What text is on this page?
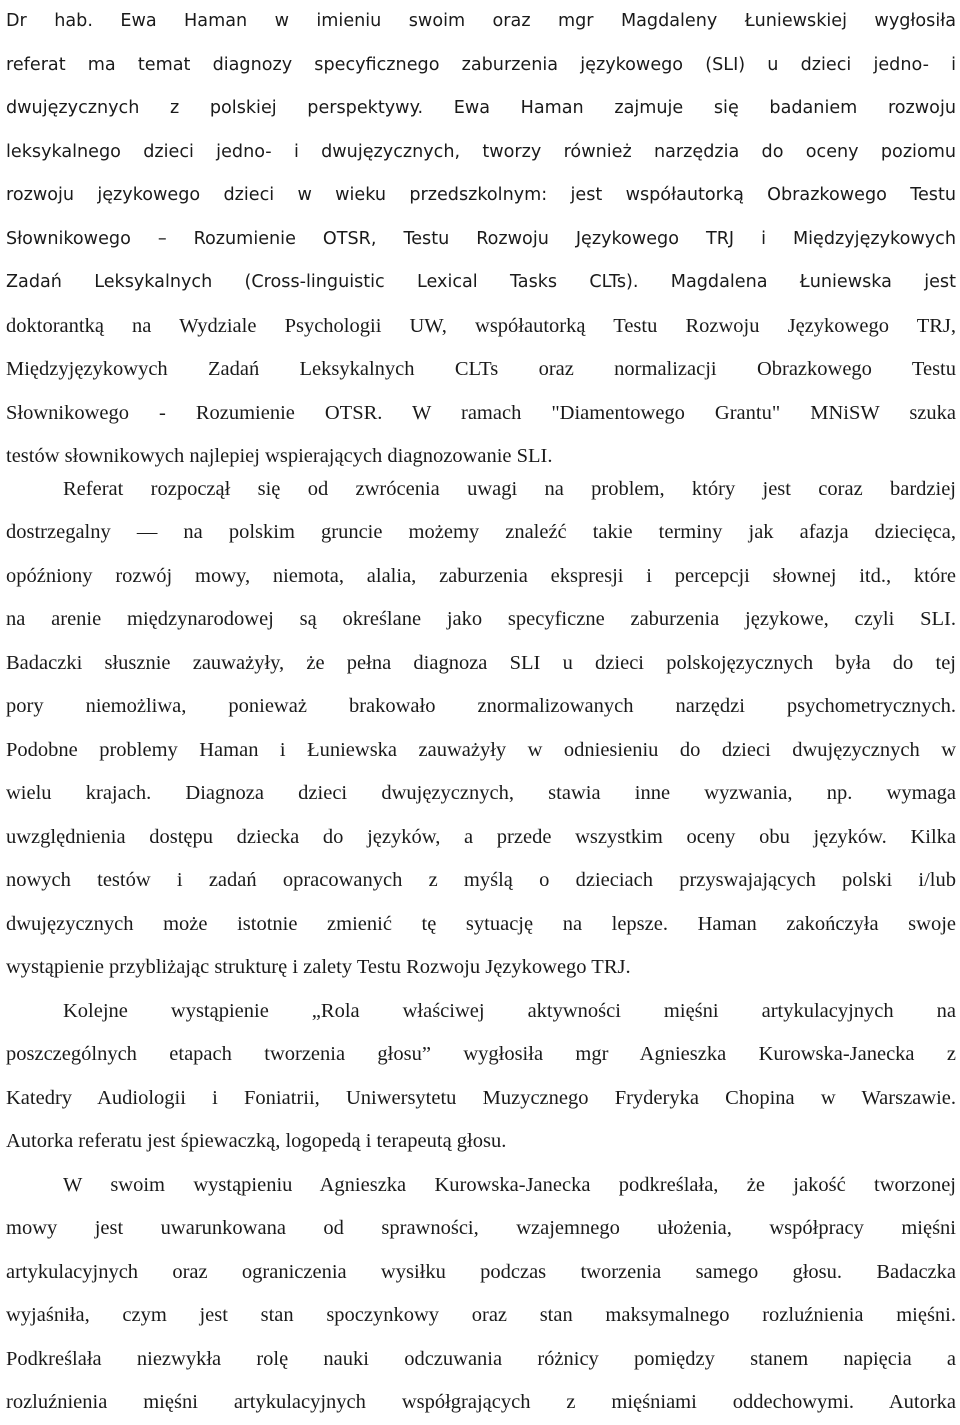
Dr hab. Ewa Haman w imieniu swoim oraz mgr Magdaleny Łuniewskiej wygłosiła
referat ma temat diagnozy specyficznego zaburzenia językowego (SLI) u dzieci jedno- i
dwujęzycznych z polskiej perspektywy. Ewa Haman zajmuje się badaniem rozwoju
leksykalnego dzieci jedno- i dwujęzycznych, tworzy również narzędzia do oceny poziomu
rozwoju językowego dzieci w wieku przedszkolnym: jest współautorką Obrazkowego Testu
Słownikowego – Rozumienie OTSR, Testu Rozwoju Językowego TRJ i Międzyjęzykowych
Zadań Leksykalnych (Cross-linguistic Lexical Tasks CLTs). Magdalena Łuniewska jest
doktorantką na Wydziale Psychologii UW, współautorką Testu Rozwoju Językowego TRJ,
Międzyjęzykowych Zadań Leksykalnych CLTs oraz normalizacji Obrazkowego Testu
Słownikowego - Rozumienie OTSR. W ramach "Diamentowego Grantu" MNiSW szuka
testów słownikowych najlepiej wspierających diagnozowanie SLI.
Referat rozpoczął się od zwrócenia uwagi na problem, który jest coraz bardziej
dostrzegalny — na polskim gruncie możemy znaleźć takie terminy jak afazja dziecięca,
opóźniony rozwój mowy, niemota, alalia, zaburzenia ekspresji i percepcji słownej itd., które
na arenie międzynarodowej są określane jako specyficzne zaburzenia językowe, czyli SLI.
Badaczki słusznie zauważyły, że pełna diagnoza SLI u dzieci polskojęzycznych była do tej
pory niemożliwa, ponieważ brakowało znormalizowanych narzędzi psychometrycznych.
Podobne problemy Haman i Łuniewska zauważyły w odniesieniu do dzieci dwujęzycznych w
wielu krajach. Diagnoza dzieci dwujęzycznych, stawia inne wyzwania, np. wymaga
uwzględnienia dostępu dziecka do języków, a przede wszystkim oceny obu języków. Kilka
nowych testów i zadań opracowanych z myślą o dzieciach przyswajających polski i/lub
dwujęzycznych może istotnie zmienić tę sytuację na lepsze. Haman zakończyła swoje
wystąpienie przybliżając strukturę i zalety Testu Rozwoju Językowego TRJ.
Kolejne wystąpienie „Rola właściwej aktywności mięśni artykulacyjnych na
poszczególnych etapach tworzenia głosu” wygłosiła mgr Agnieszka Kurowska-Janecka z
Katedry Audiologii i Foniatrii, Uniwersytetu Muzycznego Fryderyka Chopina w Warszawie.
Autorka referatu jest śpiewaczką, logopedą i terapeutą głosu.
W swoim wystąpieniu Agnieszka Kurowska-Janecka podkreślała, że jakość tworzonej
mowy jest uwarunkowana od sprawności, wzajemnego ułożenia, współpracy mięśni
artykulacyjnych oraz ograniczenia wysiłku podczas tworzenia samego głosu. Badaczka
wyjaśniła, czym jest stan spoczynkowy oraz stan maksymalnego rozluźnienia mięśni.
Podkreślała niezwykła rolę nauki odczuwania różnicy pomiędzy stanem napięcia a
rozluźnienia mięśni artykulacyjnych współgrających z mięśniami oddechowymi. Autorka
